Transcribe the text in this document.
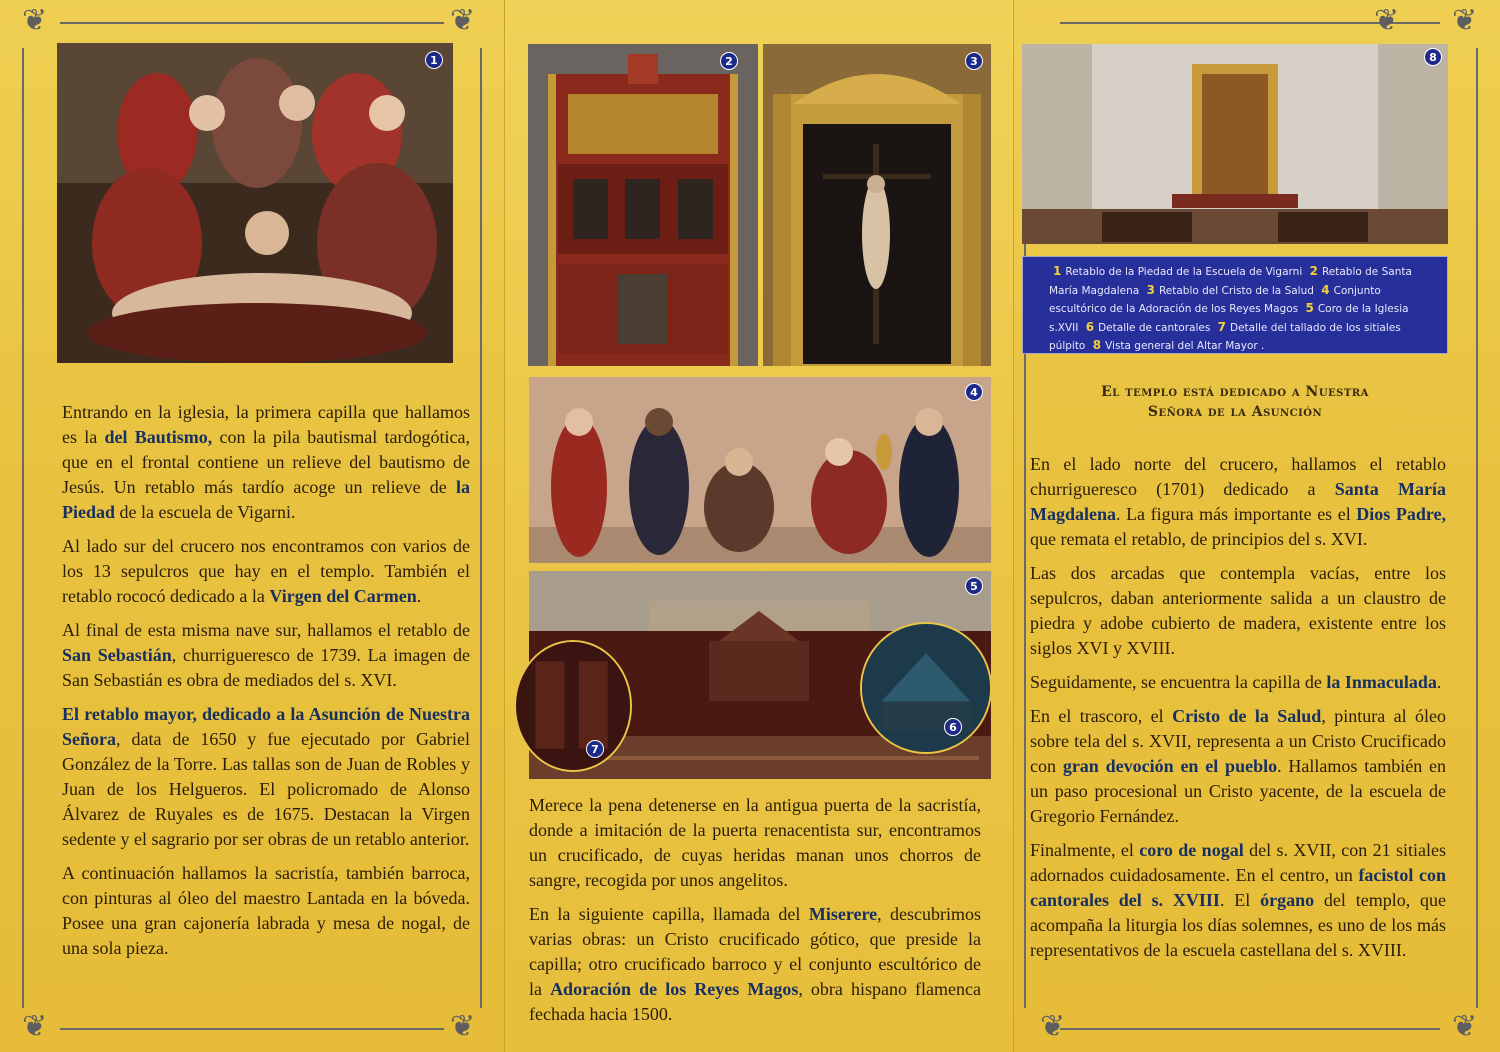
❦	❦
❦	❦
❦ ❦
❦	❦
1	2	3
4
5
7
6
8
1 Retablo de la Piedad de la Escuela de Vigarni 2 Retablo de Santa María Magdalena 3 Retablo del Cristo de la Salud 4 Conjunto escultórico de la Adoración de los Reyes Magos 5 Coro de la Iglesia s.XVII 6 Detalle de cantorales 7 Detalle del tallado de los sitiales púlpito 8 Vista general del Altar Mayor .

Entrando en la iglesia, la primera capilla que hallamos es la del Bautismo, con la pila bautismal tardogótica, que en el frontal contiene un relieve del bautismo de Jesús. Un retablo más tardío acoge un relieve de la Piedad de la escuela de Vigarni.

Al lado sur del crucero nos encontramos con varios de los 13 sepulcros que hay en el templo. También el retablo rococó dedicado a la Virgen del Carmen.

Al final de esta misma nave sur, hallamos el retablo de San Sebastián, churrigueresco de 1739. La imagen de San Sebastián es obra de mediados del s. XVI.

El retablo mayor, dedicado a la Asunción de Nuestra Señora, data de 1650 y fue ejecutado por Gabriel González de la Torre. Las tallas son de Juan de Robles y Juan de los Helgueros. El policromado de Alonso Álvarez de Ruyales es de 1675. Destacan la Virgen sedente y el sagrario por ser obras de un retablo anterior.

A continuación hallamos la sacristía, también barroca, con pinturas al óleo del maestro Lantada en la bóveda. Posee una gran cajonería labrada y mesa de nogal, de una sola pieza.

Merece la pena detenerse en la antigua puerta de la sacristía, donde a imitación de la puerta renacentista sur, encontramos un crucificado, de cuyas heridas manan unos chorros de sangre, recogida por unos angelitos.

En la siguiente capilla, llamada del Miserere, descubrimos varias obras: un Cristo crucificado gótico, que preside la capilla; otro crucificado barroco y el conjunto escultórico de la Adoración de los Reyes Magos, obra hispano flamenca fechada hacia 1500.

El templo está dedicado a Nuestra
Señora de la Asunción

En el lado norte del crucero, hallamos el retablo churrigueresco (1701) dedicado a Santa María Magdalena. La figura más importante es el Dios Padre, que remata el retablo, de principios del s. XVI.

Las dos arcadas que contempla vacías, entre los sepulcros, daban anteriormente salida a un claustro de piedra y adobe cubierto de madera, existente entre los siglos XVI y XVIII.

Seguidamente, se encuentra la capilla de la Inmaculada.

En el trascoro, el Cristo de la Salud, pintura al óleo sobre tela del s. XVII, representa a un Cristo Crucificado con gran devoción en el pueblo. Hallamos también en un paso procesional un Cristo yacente, de la escuela de Gregorio Fernández.

Finalmente, el coro de nogal del s. XVII, con 21 sitiales adornados cuidadosamente. En el centro, un facistol con cantorales del s. XVIII. El órgano del templo, que acompaña la liturgia los días solemnes, es uno de los más representativos de la escuela castellana del s. XVIII.
